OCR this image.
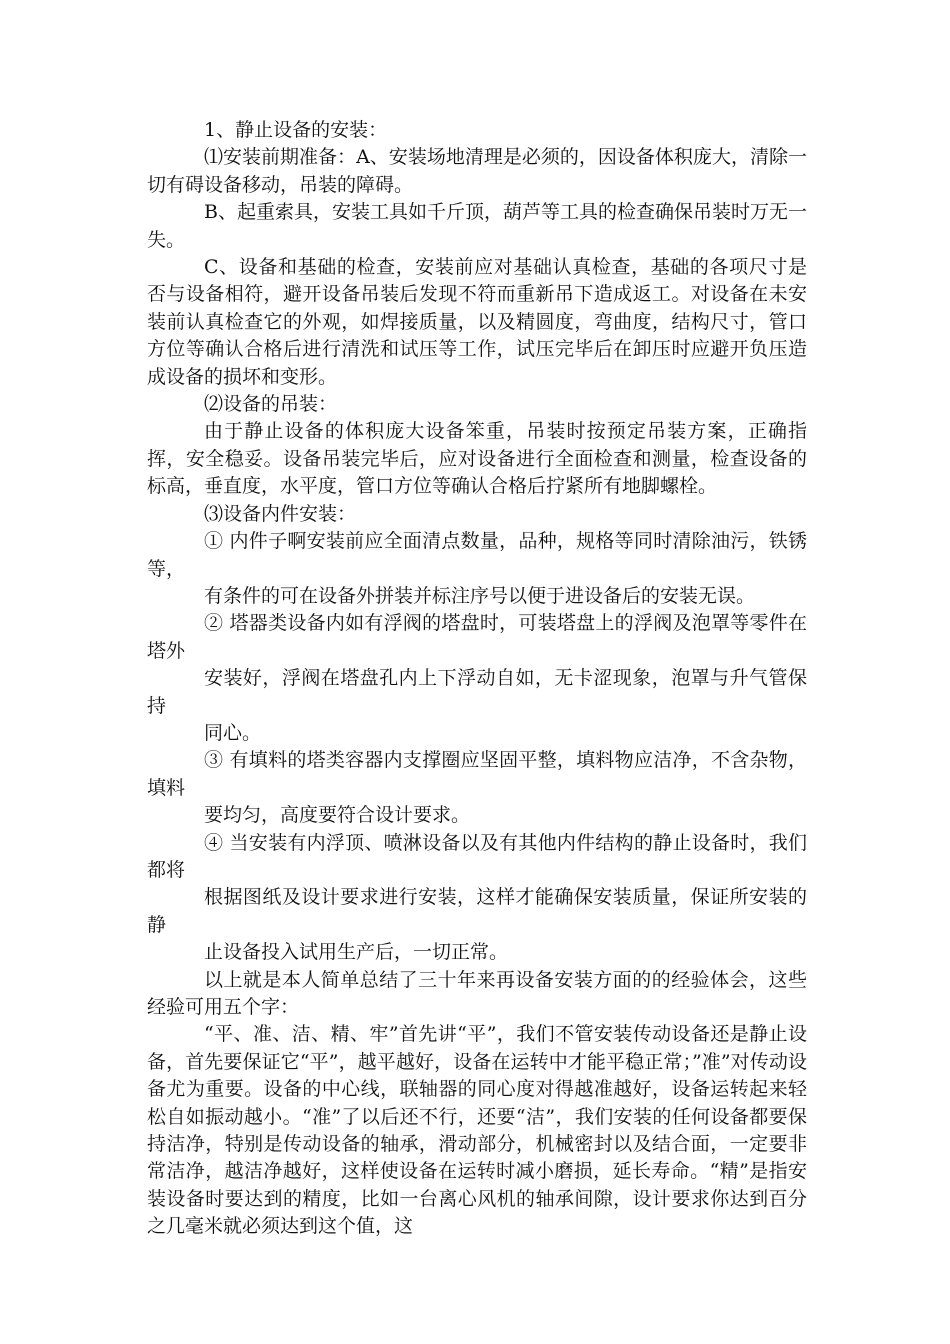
1、静止设备的安装：

⑴安装前期准备：A、安装场地清理是必须的，因设备体积庞大，清除一切有碍设备移动，吊装的障碍。

B、起重索具，安装工具如千斤顶，葫芦等工具的检查确保吊装时万无一失。

C、设备和基础的检查，安装前应对基础认真检查，基础的各项尺寸是否与设备相符，避开设备吊装后发现不符而重新吊下造成返工。对设备在未安装前认真检查它的外观，如焊接质量，以及精圆度，弯曲度，结构尺寸，管口方位等确认合格后进行清洗和试压等工作，试压完毕后在卸压时应避开负压造成设备的损坏和变形。

⑵设备的吊装：

由于静止设备的体积庞大设备笨重，吊装时按预定吊装方案，正确指挥，安全稳妥。设备吊装完毕后，应对设备进行全面检查和测量，检查设备的标高，垂直度，水平度，管口方位等确认合格后拧紧所有地脚螺栓。

⑶设备内件安装：

① 内件子啊安装前应全面清点数量，品种，规格等同时清除油污，铁锈等，

有条件的可在设备外拼装并标注序号以便于进设备后的安装无误。

② 塔器类设备内如有浮阀的塔盘时，可装塔盘上的浮阀及泡罩等零件在塔外

安装好，浮阀在塔盘孔内上下浮动自如，无卡涩现象，泡罩与升气管保持

同心。

③ 有填料的塔类容器内支撑圈应坚固平整，填料物应洁净，不含杂物，填料

要均匀，高度要符合设计要求。

④ 当安装有内浮顶、喷淋设备以及有其他内件结构的静止设备时，我们都将

根据图纸及设计要求进行安装，这样才能确保安装质量，保证所安装的静

止设备投入试用生产后，一切正常。

以上就是本人简单总结了三十年来再设备安装方面的的经验体会，这些经验可用五个字：

“平、准、洁、精、牢”首先讲“平”，我们不管安装传动设备还是静止设备，首先要保证它“平”，越平越好，设备在运转中才能平稳正常；”准”对传动设备尤为重要。设备的中心线，联轴器的同心度对得越准越好，设备运转起来轻松自如振动越小。“准”了以后还不行，还要“洁”，我们安装的任何设备都要保持洁净，特别是传动设备的轴承，滑动部分，机械密封以及结合面，一定要非常洁净，越洁净越好，这样使设备在运转时减小磨损，延长寿命。“精”是指安装设备时要达到的精度，比如一台离心风机的轴承间隙，设计要求你达到百分之几毫米就必须达到这个值，这
